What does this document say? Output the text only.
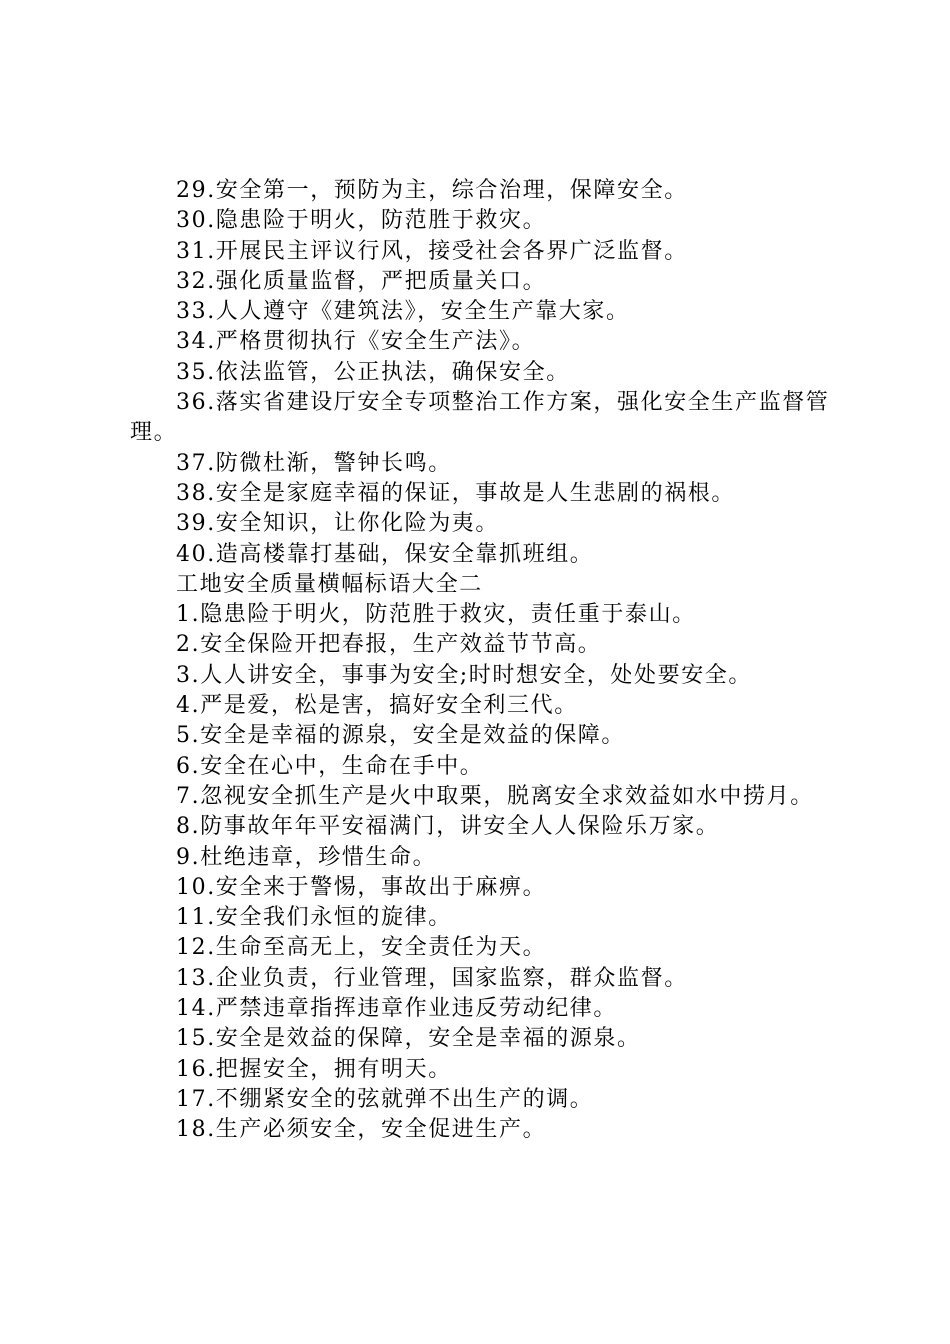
29.安全第一，预防为主，综合治理，保障安全。

30.隐患险于明火，防范胜于救灾。

31.开展民主评议行风，接受社会各界广泛监督。

32.强化质量监督，严把质量关口。

33.人人遵守《建筑法》，安全生产靠大家。

34.严格贯彻执行《安全生产法》。

35.依法监管，公正执法，确保安全。

36.落实省建设厅安全专项整治工作方案，强化安全生产监督管理。

37.防微杜渐，警钟长鸣。

38.安全是家庭幸福的保证，事故是人生悲剧的祸根。

39.安全知识，让你化险为夷。

40.造高楼靠打基础，保安全靠抓班组。

工地安全质量横幅标语大全二

1.隐患险于明火，防范胜于救灾，责任重于泰山。

2.安全保险开把春报，生产效益节节高。

3.人人讲安全，事事为安全;时时想安全，处处要安全。

4.严是爱，松是害，搞好安全利三代。

5.安全是幸福的源泉，安全是效益的保障。

6.安全在心中，生命在手中。

7.忽视安全抓生产是火中取栗，脱离安全求效益如水中捞月。

8.防事故年年平安福满门，讲安全人人保险乐万家。

9.杜绝违章，珍惜生命。

10.安全来于警惕，事故出于麻痹。

11.安全我们永恒的旋律。

12.生命至高无上，安全责任为天。

13.企业负责，行业管理，国家监察，群众监督。

14.严禁违章指挥违章作业违反劳动纪律。

15.安全是效益的保障，安全是幸福的源泉。

16.把握安全，拥有明天。

17.不绷紧安全的弦就弹不出生产的调。

18.生产必须安全，安全促进生产。
